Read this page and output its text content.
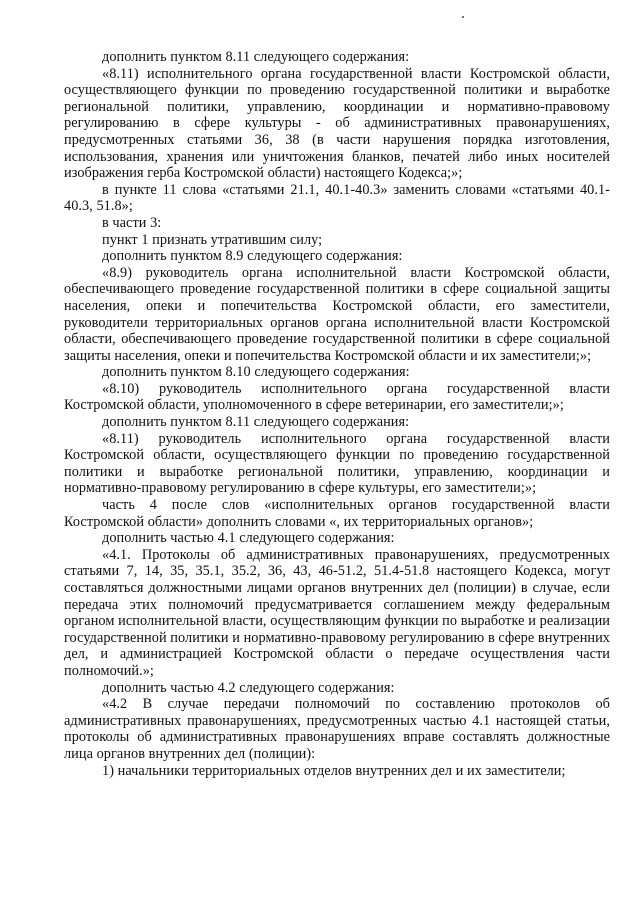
дополнить пунктом 8.11 следующего содержания:

«8.11) исполнительного органа государственной власти Костромской области, осуществляющего функции по проведению государственной политики и выработке региональной политики, управлению, координации и нормативно-правовому регулированию в сфере культуры - об административных правонарушениях, предусмотренных статьями 36, 38 (в части нарушения порядка изготовления, использования, хранения или уничтожения бланков, печатей либо иных носителей изображения герба Костромской области) настоящего Кодекса;»;

в пункте 11 слова «статьями 21.1, 40.1-40.3» заменить словами «статьями 40.1-40.3, 51.8»;

в части 3:

пункт 1 признать утратившим силу;

дополнить пунктом 8.9 следующего содержания:

«8.9) руководитель органа исполнительной власти Костромской области, обеспечивающего проведение государственной политики в сфере социальной защиты населения, опеки и попечительства Костромской области, его заместители, руководители территориальных органов органа исполнительной власти Костромской области, обеспечивающего проведение государственной политики в сфере социальной защиты населения, опеки и попечительства Костромской области и их заместители;»;

дополнить пунктом 8.10 следующего содержания:

«8.10) руководитель исполнительного органа государственной власти Костромской области, уполномоченного в сфере ветеринарии, его заместители;»;

дополнить пунктом 8.11 следующего содержания:

«8.11) руководитель исполнительного органа государственной власти Костромской области, осуществляющего функции по проведению государственной политики и выработке региональной политики, управлению, координации и нормативно-правовому регулированию в сфере культуры, его заместители;»;

часть 4 после слов «исполнительных органов государственной власти Костромской области» дополнить словами «, их территориальных органов»;

дополнить частью 4.1 следующего содержания:

«4.1. Протоколы об административных правонарушениях, предусмотренных статьями 7, 14, 35, 35.1, 35.2, 36, 43, 46-51.2, 51.4-51.8 настоящего Кодекса, могут составляться должностными лицами органов внутренних дел (полиции) в случае, если передача этих полномочий предусматривается соглашением между федеральным органом исполнительной власти, осуществляющим функции по выработке и реализации государственной политики и нормативно-правовому регулированию в сфере внутренних дел, и администрацией Костромской области о передаче осуществления части полномочий.»;

дополнить частью 4.2 следующего содержания:

«4.2 В случае передачи полномочий по составлению протоколов об административных правонарушениях, предусмотренных частью 4.1 настоящей статьи, протоколы об административных правонарушениях вправе составлять должностные лица органов внутренних дел (полиции):

1) начальники территориальных отделов внутренних дел и их заместители;
